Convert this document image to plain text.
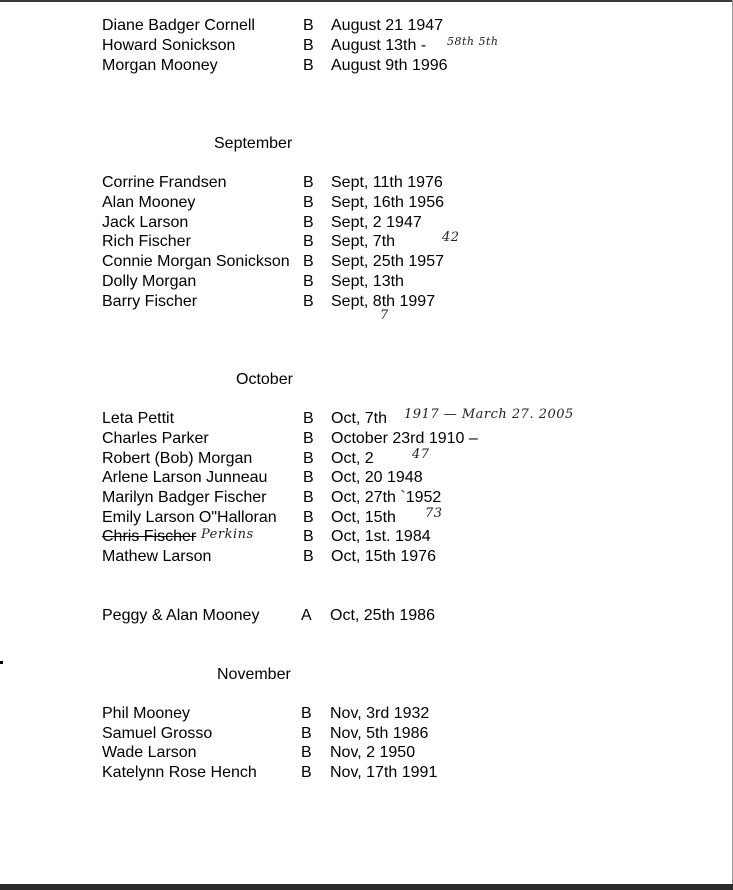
Diane Badger Cornell	B August 21 1947
Howard Sonickson	B August 13th - 58th 5th
Morgan Mooney	B August 9th 1996
September
Corrine Frandsen	B Sept, 11th 1976
Alan Mooney	B Sept, 16th 1956
Jack Larson	B Sept, 2 1947
Rich Fischer	B Sept, 7th	42
Connie Morgan Sonickson B Sept, 25th 1957
Dolly Morgan	B Sept, 13th
Barry Fischer	B Sept, 8th 1997
7
October
Leta Pettit	B Oct, 7th 1917 — March 27. 2005
Charles Parker	B October 23rd 1910 –
Robert (Bob) Morgan	B Oct, 2	47
Arlene Larson Junneau B Oct, 20 1948
Marilyn Badger Fischer B Oct, 27th `1952
Emily Larson O"Halloran B Oct, 15th 73
Chris Fischer Perkins	B Oct, 1st. 1984
Mathew Larson	B Oct, 15th 1976
Peggy & Alan Mooney	A Oct, 25th 1986
November
Phil Mooney	B Nov, 3rd 1932
Samuel Grosso	B Nov, 5th 1986
Wade Larson	B Nov, 2 1950
Katelynn Rose Hench	B Nov, 17th 1991
